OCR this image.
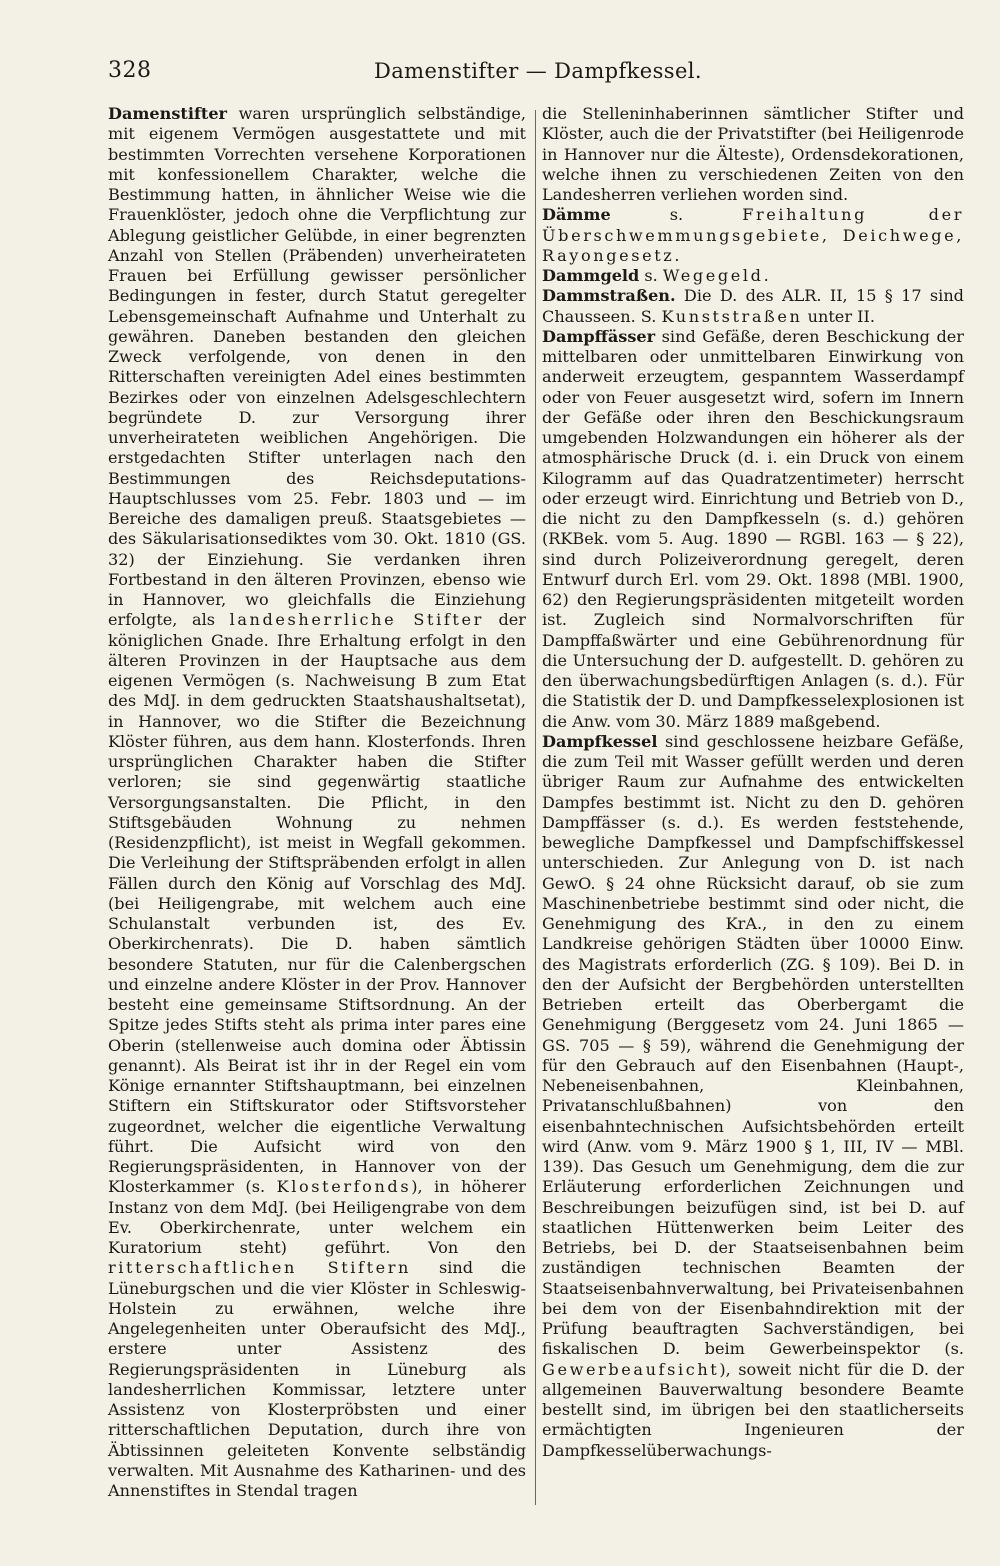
328	Damenstifter — Dampfkessel.

Damenstifter waren ursprünglich selbständige, mit eigenem Vermögen ausgestattete und mit bestimmten Vorrechten versehene Korporationen mit konfessionellem Charakter, welche die Bestimmung hatten, in ähnlicher Weise wie die Frauenklöster, jedoch ohne die Verpflichtung zur Ablegung geistlicher Gelübde, in einer begrenzten Anzahl von Stellen (Präbenden) unverheirateten Frauen bei Erfüllung gewisser persönlicher Bedingungen in fester, durch Statut geregelter Lebensgemeinschaft Aufnahme und Unterhalt zu gewähren. Daneben bestanden den gleichen Zweck verfolgende, von denen in den Ritterschaften vereinigten Adel eines bestimmten Bezirkes oder von einzelnen Adelsgeschlechtern begründete D. zur Versorgung ihrer unverheirateten weiblichen Angehörigen. Die erstgedachten Stifter unterlagen nach den Bestimmungen des Reichsdeputations-Hauptschlusses vom 25. Febr. 1803 und — im Bereiche des damaligen preuß. Staatsgebietes — des Säkularisationsediktes vom 30. Okt. 1810 (GS. 32) der Einziehung. Sie verdanken ihren Fortbestand in den älteren Provinzen, ebenso wie in Hannover, wo gleichfalls die Einziehung erfolgte, als landesherrliche Stifter der königlichen Gnade. Ihre Erhaltung erfolgt in den älteren Provinzen in der Hauptsache aus dem eigenen Vermögen (s. Nachweisung B zum Etat des MdJ. in dem gedruckten Staatshaushaltsetat), in Hannover, wo die Stifter die Bezeichnung Klöster führen, aus dem hann. Klosterfonds. Ihren ursprünglichen Charakter haben die Stifter verloren; sie sind gegenwärtig staatliche Versorgungsanstalten. Die Pflicht, in den Stiftsgebäuden Wohnung zu nehmen (Residenzpflicht), ist meist in Wegfall gekommen. Die Verleihung der Stiftspräbenden erfolgt in allen Fällen durch den König auf Vorschlag des MdJ. (bei Heiligengrabe, mit welchem auch eine Schulanstalt verbunden ist, des Ev. Oberkirchenrats). Die D. haben sämtlich besondere Statuten, nur für die Calenbergschen und einzelne andere Klöster in der Prov. Hannover besteht eine gemeinsame Stiftsordnung. An der Spitze jedes Stifts steht als prima inter pares eine Oberin (stellenweise auch domina oder Äbtissin genannt). Als Beirat ist ihr in der Regel ein vom Könige ernannter Stiftshauptmann, bei einzelnen Stiftern ein Stiftskurator oder Stiftsvorsteher zugeordnet, welcher die eigentliche Verwaltung führt. Die Aufsicht wird von den Regierungspräsidenten, in Hannover von der Klosterkammer (s. Klosterfonds), in höherer Instanz von dem MdJ. (bei Heiligengrabe von dem Ev. Oberkirchenrate, unter welchem ein Kuratorium steht) geführt. Von den ritterschaftlichen Stiftern sind die Lüneburgschen und die vier Klöster in Schleswig-Holstein zu erwähnen, welche ihre Angelegenheiten unter Oberaufsicht des MdJ., erstere unter Assistenz des Regierungspräsidenten in Lüneburg als landesherrlichen Kommissar, letztere unter Assistenz von Klosterpröbsten und einer ritterschaftlichen Deputation, durch ihre von Äbtissinnen geleiteten Konvente selbständig verwalten. Mit Ausnahme des Katharinen- und des Annenstiftes in Stendal tragen

die Stelleninhaberinnen sämtlicher Stifter und Klöster, auch die der Privatstifter (bei Heiligenrode in Hannover nur die Älteste), Ordensdekorationen, welche ihnen zu verschiedenen Zeiten von den Landesherren verliehen worden sind.

Dämme s. Freihaltung der Überschwemmungsgebiete, Deichwege, Rayongesetz.

Dammgeld s. Wegegeld.

Dammstraßen. Die D. des ALR. II, 15 § 17 sind Chausseen. S. Kunststraßen unter II.

Dampffässer sind Gefäße, deren Beschickung der mittelbaren oder unmittelbaren Einwirkung von anderweit erzeugtem, gespanntem Wasserdampf oder von Feuer ausgesetzt wird, sofern im Innern der Gefäße oder ihren den Beschickungsraum umgebenden Holzwandungen ein höherer als der atmosphärische Druck (d. i. ein Druck von einem Kilogramm auf das Quadratzentimeter) herrscht oder erzeugt wird. Einrichtung und Betrieb von D., die nicht zu den Dampfkesseln (s. d.) gehören (RKBek. vom 5. Aug. 1890 — RGBl. 163 — § 22), sind durch Polizeiverordnung geregelt, deren Entwurf durch Erl. vom 29. Okt. 1898 (MBl. 1900, 62) den Regierungspräsidenten mitgeteilt worden ist. Zugleich sind Normalvorschriften für Dampffaßwärter und eine Gebührenordnung für die Untersuchung der D. aufgestellt. D. gehören zu den überwachungsbedürftigen Anlagen (s. d.). Für die Statistik der D. und Dampfkesselexplosionen ist die Anw. vom 30. März 1889 maßgebend.

Dampfkessel sind geschlossene heizbare Gefäße, die zum Teil mit Wasser gefüllt werden und deren übriger Raum zur Aufnahme des entwickelten Dampfes bestimmt ist. Nicht zu den D. gehören Dampffässer (s. d.). Es werden feststehende, bewegliche Dampfkessel und Dampfschiffskessel unterschieden. Zur Anlegung von D. ist nach GewO. § 24 ohne Rücksicht darauf, ob sie zum Maschinenbetriebe bestimmt sind oder nicht, die Genehmigung des KrA., in den zu einem Landkreise gehörigen Städten über 10000 Einw. des Magistrats erforderlich (ZG. § 109). Bei D. in den der Aufsicht der Bergbehörden unterstellten Betrieben erteilt das Oberbergamt die Genehmigung (Berggesetz vom 24. Juni 1865 — GS. 705 — § 59), während die Genehmigung der für den Gebrauch auf den Eisenbahnen (Haupt-, Nebeneisenbahnen, Kleinbahnen, Privatanschlußbahnen) von den eisenbahntechnischen Aufsichtsbehörden erteilt wird (Anw. vom 9. März 1900 § 1, III, IV — MBl. 139). Das Gesuch um Genehmigung, dem die zur Erläuterung erforderlichen Zeichnungen und Beschreibungen beizufügen sind, ist bei D. auf staatlichen Hüttenwerken beim Leiter des Betriebs, bei D. der Staatseisenbahnen beim zuständigen technischen Beamten der Staatseisenbahnverwaltung, bei Privateisenbahnen bei dem von der Eisenbahndirektion mit der Prüfung beauftragten Sachverständigen, bei fiskalischen D. beim Gewerbeinspektor (s. Gewerbeaufsicht), soweit nicht für die D. der allgemeinen Bauverwaltung besondere Beamte bestellt sind, im übrigen bei den staatlicherseits ermächtigten Ingenieuren der Dampfkesselüberwachungs-
